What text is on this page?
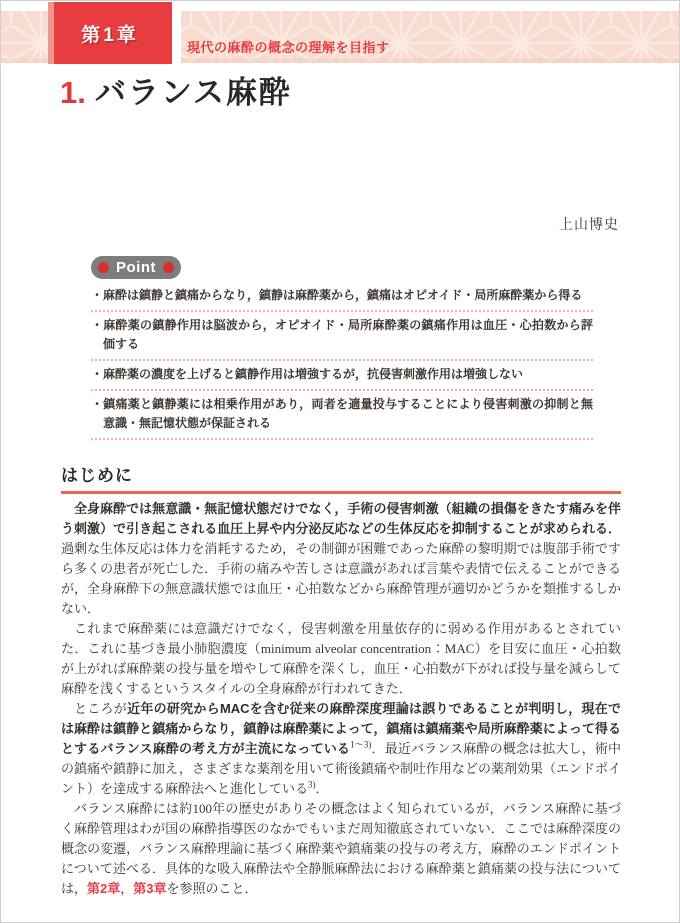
第1章
現代の麻酔の概念の理解を目指す
1. バランス麻酔
上山博史
Point
・麻酔は鎮静と鎮痛からなり，鎮静は麻酔薬から，鎮痛はオピオイド・局所麻酔薬から得る
・麻酔薬の鎮静作用は脳波から，オピオイド・局所麻酔薬の鎮痛作用は血圧・心拍数から評価する
・麻酔薬の濃度を上げると鎮静作用は増強するが，抗侵害刺激作用は増強しない
・鎮痛薬と鎮静薬には相乗作用があり，両者を適量投与することにより侵害刺激の抑制と無意識・無記憶状態が保証される
はじめに

全身麻酔では無意識・無記憶状態だけでなく，手術の侵害刺激（組織の損傷をきたす痛みを伴う刺激）で引き起こされる血圧上昇や内分泌反応などの生体反応を抑制することが求められる．過剰な生体反応は体力を消耗するため，その制御が困難であった麻酔の黎明期では腹部手術ですら多くの患者が死亡した．手術の痛みや苦しさは意識があれば言葉や表情で伝えることができるが，全身麻酔下の無意識状態では血圧・心拍数などから麻酔管理が適切かどうかを類推するしかない．

これまで麻酔薬には意識だけでなく，侵害刺激を用量依存的に弱める作用があるとされていた．これに基づき最小肺胞濃度（minimum alveolar concentration：MAC）を目安に血圧・心拍数が上がれば麻酔薬の投与量を増やして麻酔を深くし，血圧・心拍数が下がれば投与量を減らして麻酔を浅くするというスタイルの全身麻酔が行われてきた．

ところが近年の研究からMACを含む従来の麻酔深度理論は誤りであることが判明し，現在では麻酔は鎮静と鎮痛からなり，鎮静は麻酔薬によって，鎮痛は鎮痛薬や局所麻酔薬によって得るとするバランス麻酔の考え方が主流になっている$^{1\sim 3)}$．最近バランス麻酔の概念は拡大し，術中の鎮痛や鎮静に加え，さまざまな薬剤を用いて術後鎮痛や制吐作用などの薬剤効果（エンドポイント）を達成する麻酔法へと進化している$^{3)}$．

バランス麻酔には約100年の歴史がありその概念はよく知られているが，バランス麻酔に基づく麻酔管理はわが国の麻酔指導医のなかでもいまだ周知徹底されていない．ここでは麻酔深度の概念の変遷，バランス麻酔理論に基づく麻酔薬や鎮痛薬の投与の考え方，麻酔のエンドポイントについて述べる．具体的な吸入麻酔法や全静脈麻酔法における麻酔薬と鎮痛薬の投与法については，第2章，第3章を参照のこと．
